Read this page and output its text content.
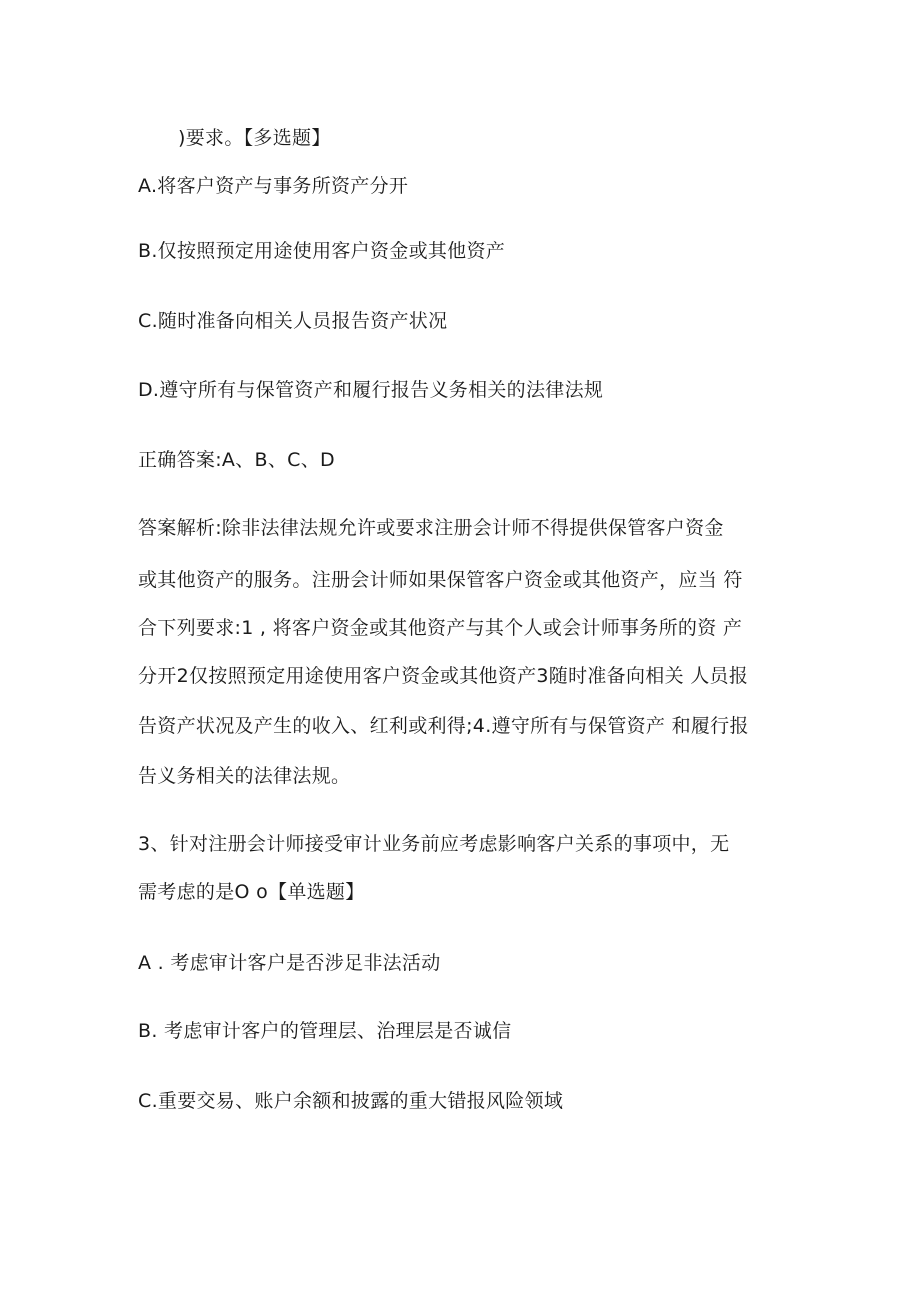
)要求。【多选题】
A.将客户资产与事务所资产分开
B.仅按照预定用途使用客户资金或其他资产
C.随时准备向相关人员报告资产状况
D.遵守所有与保管资产和履行报告义务相关的法律法规
正确答案:A、B、C、D
答案解析:除非法律法规允许或要求注册会计师不得提供保管客户资金
或其他资产的服务。注册会计师如果保管客户资金或其他资产，应当 符
合下列要求:1 , 将客户资金或其他资产与其个人或会计师事务所的资 产
分开2仅按照预定用途使用客户资金或其他资产3随时准备向相关 人员报
告资产状况及产生的收入、红利或利得;4.遵守所有与保管资产 和履行报
告义务相关的法律法规。
3、针对注册会计师接受审计业务前应考虑影响客户关系的事项中，无
需考虑的是O o【单选题】
A . 考虑审计客户是否涉足非法活动
B. 考虑审计客户的管理层、治理层是否诚信
C.重要交易、账户余额和披露的重大错报风险领域
